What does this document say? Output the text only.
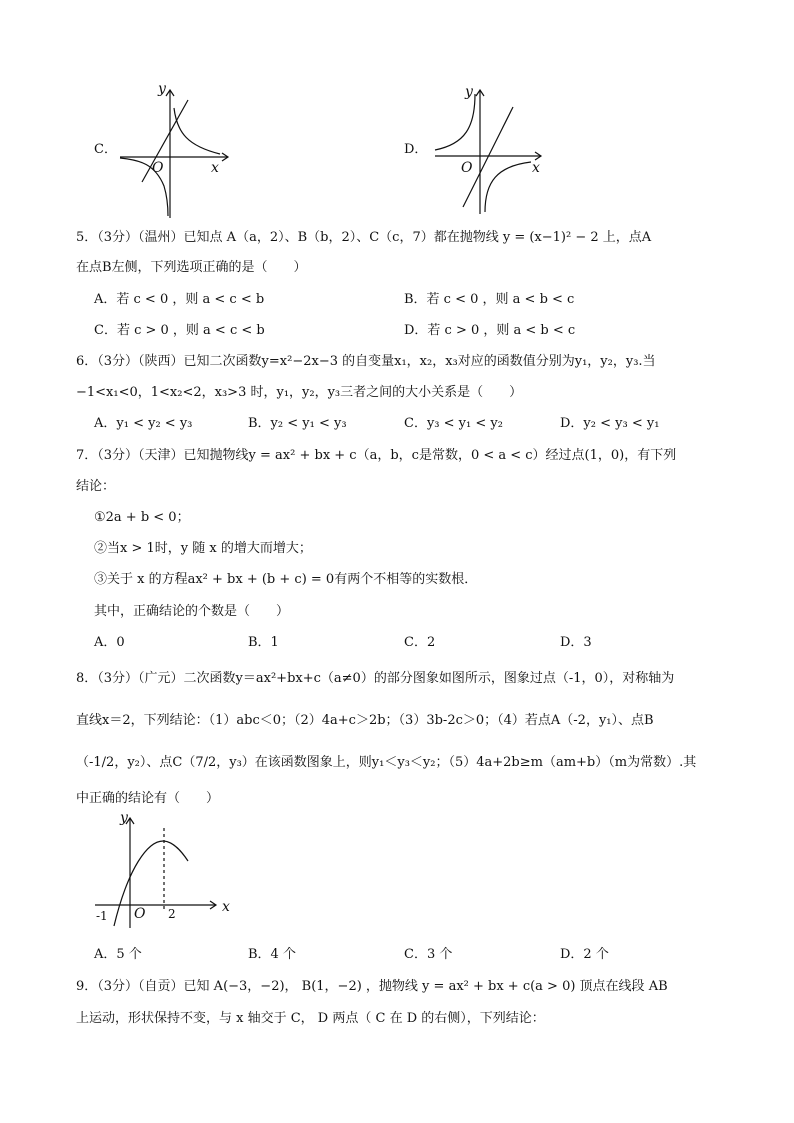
C．
y
x
O
D．
y
x
O
5．（3分）（温州）已知点 A（a，2）、B（b，2）、C（c，7）都在抛物线 y = (x−1)² − 2 上，点A
在点B左侧，下列选项正确的是（　　）
A．若 c < 0 ，则 a < c < b	B．若 c < 0 ，则 a < b < c
C．若 c > 0 ，则 a < c < b	D．若 c > 0 ，则 a < b < c
6．（3分）（陕西）已知二次函数y=x²−2x−3 的自变量x₁，x₂，x₃对应的函数值分别为y₁，y₂，y₃.当
−1<x₁<0，1<x₂<2，x₃>3 时，y₁，y₂，y₃三者之间的大小关系是（　　）
A．y₁ < y₂ < y₃	B．y₂ < y₁ < y₃	C．y₃ < y₁ < y₂	D．y₂ < y₃ < y₁
7．（3分）（天津）已知抛物线y = ax² + bx + c（a，b，c是常数，0 < a < c）经过点(1，0)，有下列
结论：
①2a + b < 0；
②当x > 1时，y 随 x 的增大而增大；
③关于 x 的方程ax² + bx + (b + c) = 0有两个不相等的实数根．
其中，正确结论的个数是（　　）
A．0	B．1	C．2	D．3
8．（3分）（广元）二次函数y＝ax²+bx+c（a≠0）的部分图象如图所示，图象过点（-1，0），对称轴为
直线x＝2，下列结论：（1）abc＜0；（2）4a+c＞2b；（3）3b-2c＞0；（4）若点A（-2，y₁）、点B
（-1/2，y₂）、点C（7/2，y₃）在该函数图象上，则y₁＜y₃＜y₂；（5）4a+2b≥m（am+b）（m为常数）.其
中正确的结论有（　　）
y
x
O
-1	2
A．5 个	B．4 个	C．3 个	D．2 个
9．（3分）（自贡）已知 A(−3，−2)， B(1，−2) ，抛物线 y = ax² + bx + c(a > 0) 顶点在线段 AB
上运动，形状保持不变，与 x 轴交于 C， D 两点（ C 在 D 的右侧），下列结论：
